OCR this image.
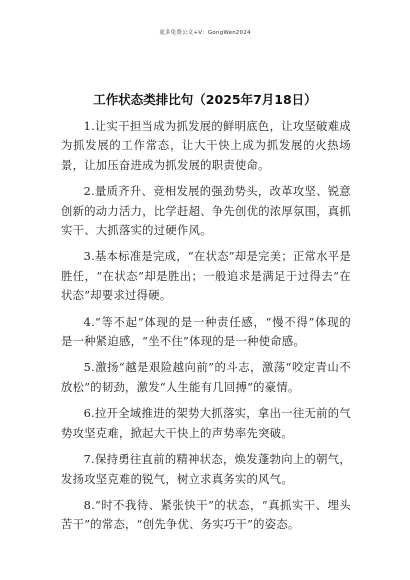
更多免费公文+V：GongWen2024
工作状态类排比句（2025年7月18日）

1.让实干担当成为抓发展的鲜明底色，让攻坚破难成为抓发展的工作常态，让大干快上成为抓发展的火热场景，让加压奋进成为抓发展的职责使命。

2.量质齐升、竞相发展的强劲势头，改革攻坚、锐意创新的动力活力，比学赶超、争先创优的浓厚氛围，真抓实干、大抓落实的过硬作风。

3.基本标准是完成，“在状态”却是完美；正常水平是胜任，“在状态”却是胜出；一般追求是满足于过得去“在状态”却要求过得硬。

4.“等不起”体现的是一种责任感，“慢不得”体现的是一种紧迫感，“坐不住”体现的是一种使命感。

5.激扬“越是艰险越向前”的斗志，激荡“咬定青山不放松”的韧劲，激发“人生能有几回搏”的豪情。

6.拉开全域推进的架势大抓落实，拿出一往无前的气势攻坚克难，掀起大干快上的声势率先突破。

7.保持勇往直前的精神状态，焕发蓬勃向上的朝气，发扬攻坚克难的锐气，树立求真务实的风气。

8.“时不我待、紧张快干”的状态，“真抓实干、埋头苦干”的常态，“创先争优、务实巧干”的姿态。
